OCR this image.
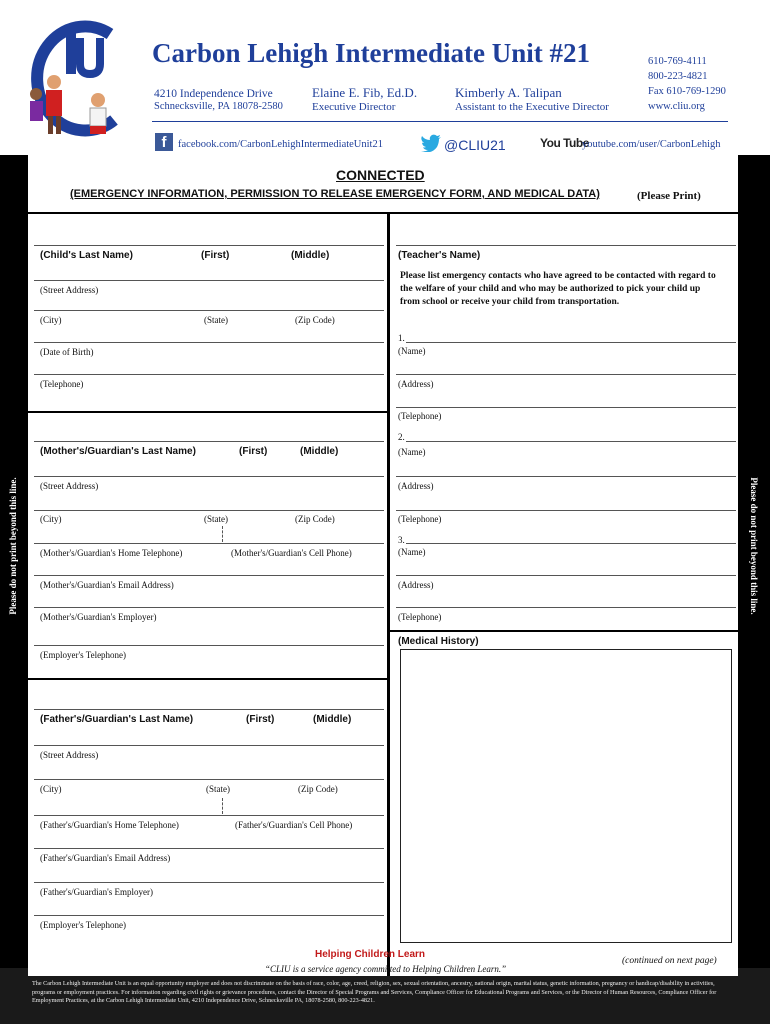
Carbon Lehigh Intermediate Unit #21
4210 Independence Drive
Schnecksville, PA 18078-2580
Elaine E. Fib, Ed.D.
Executive Director
Kimberly A. Talipan
Assistant to the Executive Director
610-769-4111
800-223-4821
Fax 610-769-1290
www.cliu.org
f	facebook.com/CarbonLehighIntermediateUnit21	@CLIU21	You Tube
youtube.com/user/CarbonLehigh
Please do not print beyond this line.	Please do not print beyond this line.
CONNECTED
(EMERGENCY INFORMATION, PERMISSION TO RELEASE EMERGENCY FORM, AND MEDICAL DATA)	(Please Print)
(Child's Last Name)	(First)	(Middle)
(Street Address)
(City)	(State)	(Zip Code)
(Date of Birth)
(Telephone)
(Mother's/Guardian's Last Name)	(First)	(Middle)
(Street Address)
(City)	(State)	(Zip Code)
(Mother's/Guardian's Home Telephone)	(Mother's/Guardian's Cell Phone)
(Mother's/Guardian's Email Address)
(Mother's/Guardian's Employer)
(Employer's Telephone)
(Father's/Guardian's Last Name)	(First)	(Middle)
(Street Address)
(City)	(State)	(Zip Code)
(Father's/Guardian's Home Telephone)	(Father's/Guardian's Cell Phone)
(Father's/Guardian's Email Address)
(Father's/Guardian's Employer)
(Employer's Telephone)
(Teacher's Name)
Please list emergency contacts who have agreed to be contacted with regard to the welfare of your child and who may be authorized to pick your child up from school or receive your child from transportation.
1.
(Name)
(Address)
(Telephone)
2.
(Name)
(Address)
(Telephone)
3.
(Name)
(Address)
(Telephone)
(Medical History)
Helping Children Learn
(continued on next page)
“CLIU is a service agency committed to Helping Children Learn.”
The Carbon Lehigh Intermediate Unit is an equal opportunity employer and does not discriminate on the basis of race, color, age, creed, religion, sex, sexual orientation, ancestry, national origin, marital status, genetic information, pregnancy or handicap/disability in activities, programs or employment practices. For information regarding civil rights or grievance procedures, contact the Director of Special Programs and Services, Compliance Officer for Educational Programs and Services, or the Director of Human Resources, Compliance Officer for Employment Practices, at the Carbon Lehigh Intermediate Unit, 4210 Independence Drive, Schnecksville PA, 18078-2580, 800-223-4821.
